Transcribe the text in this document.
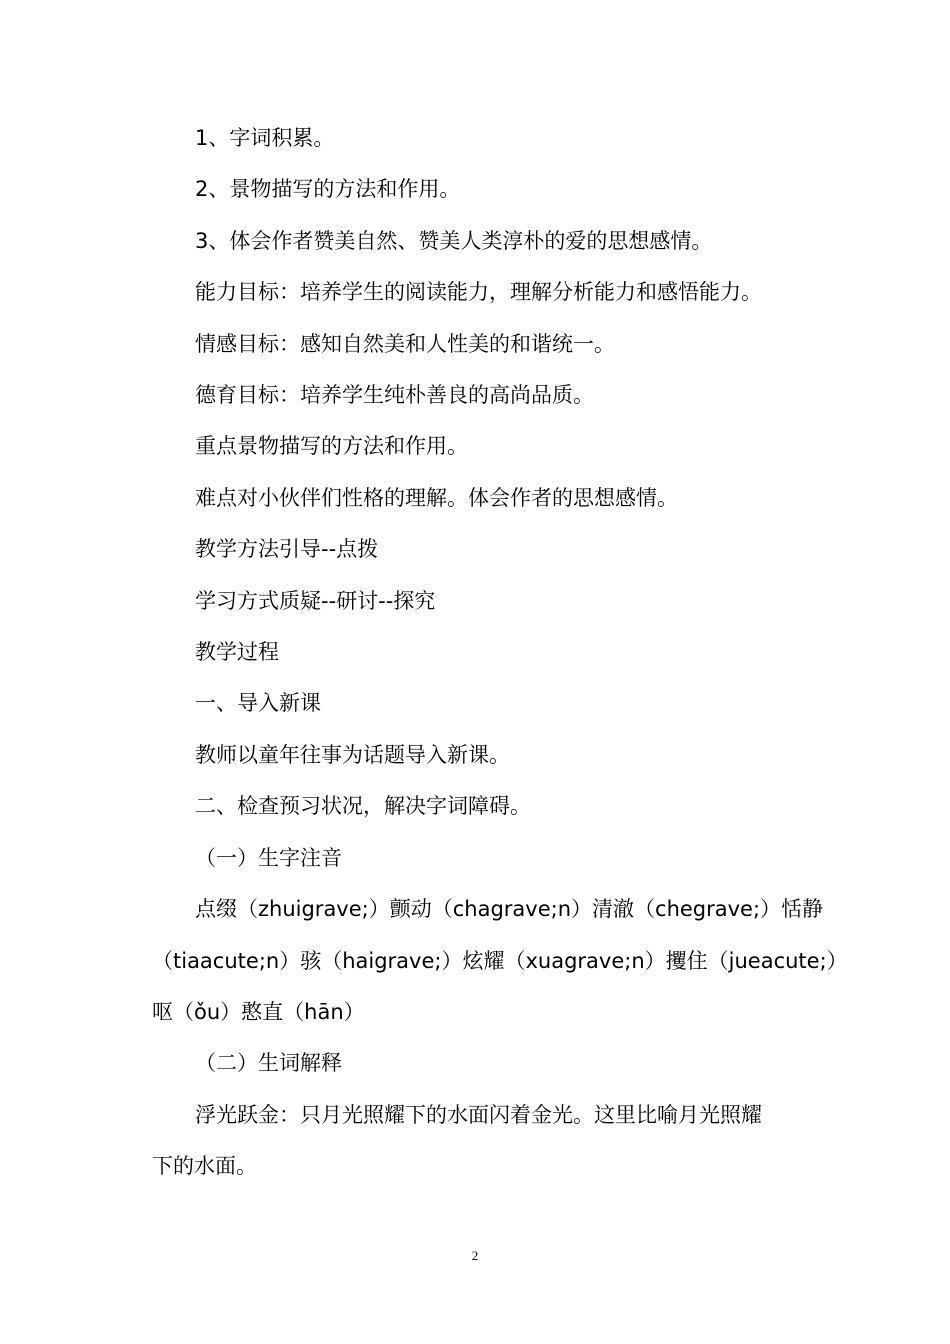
1、字词积累。
2、景物描写的方法和作用。
3、体会作者赞美自然、赞美人类淳朴的爱的思想感情。
能力目标：培养学生的阅读能力，理解分析能力和感悟能力。
情感目标：感知自然美和人性美的和谐统一。
德育目标：培养学生纯朴善良的高尚品质。
重点景物描写的方法和作用。
难点对小伙伴们性格的理解。体会作者的思想感情。
教学方法引导--点拨
学习方式质疑--研讨--探究
教学过程
一、导入新课
教师以童年往事为话题导入新课。
二、检查预习状况，解决字词障碍。
（一）生字注音
点缀（zhuigrave;）颤动（chagrave;n）清澈（chegrave;）恬静
（tiaacute;n）骇（haigrave;）炫耀（xuagrave;n）攫住（jueacute;）
呕（ǒu）憨直（hān）
（二）生词解释
浮光跃金：只月光照耀下的水面闪着金光。这里比喻月光照耀
下的水面。
2
